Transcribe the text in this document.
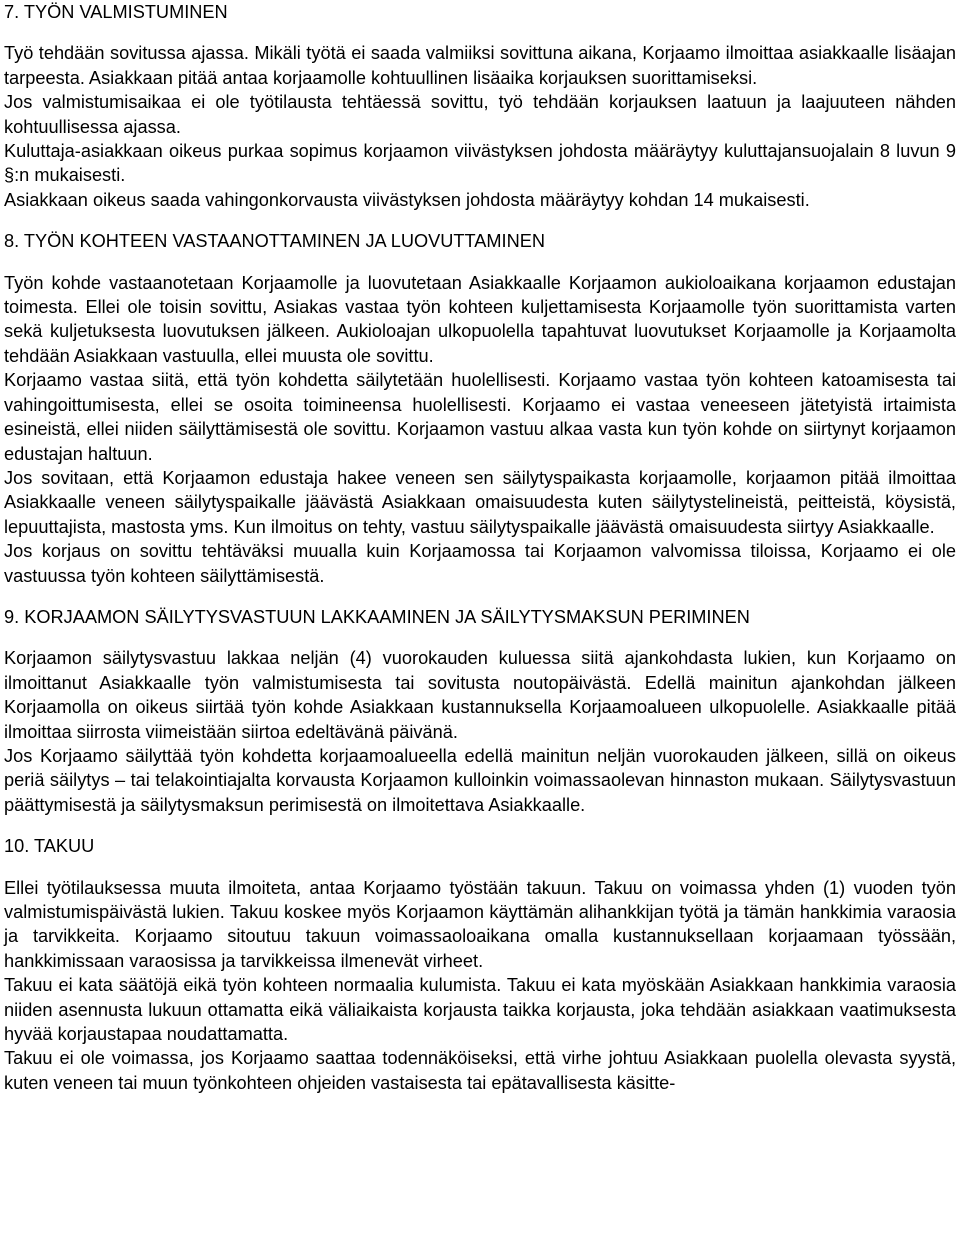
7. TYÖN VALMISTUMINEN

Työ tehdään sovitussa ajassa. Mikäli työtä ei saada valmiiksi sovittuna aikana, Korjaamo ilmoittaa asiakkaalle lisäajan tarpeesta. Asiakkaan pitää antaa korjaamolle kohtuullinen lisäaika korjauksen suorittamiseksi.

Jos valmistumisaikaa ei ole työtilausta tehtäessä sovittu, työ tehdään korjauksen laatuun ja laajuuteen nähden kohtuullisessa ajassa.

Kuluttaja-asiakkaan oikeus purkaa sopimus korjaamon viivästyksen johdosta määräytyy kuluttajansuojalain 8 luvun 9 §:n mukaisesti.

Asiakkaan oikeus saada vahingonkorvausta viivästyksen johdosta määräytyy kohdan 14 mukaisesti.

8. TYÖN KOHTEEN VASTAANOTTAMINEN JA LUOVUTTAMINEN

Työn kohde vastaanotetaan Korjaamolle ja luovutetaan Asiakkaalle Korjaamon aukioloaikana korjaamon edustajan toimesta. Ellei ole toisin sovittu, Asiakas vastaa työn kohteen kuljettamisesta Korjaamolle työn suorittamista varten sekä kuljetuksesta luovutuksen jälkeen. Aukioloajan ulkopuolella tapahtuvat luovutukset Korjaamolle ja Korjaamolta tehdään Asiakkaan vastuulla, ellei muusta ole sovittu.

Korjaamo vastaa siitä, että työn kohdetta säilytetään huolellisesti. Korjaamo vastaa työn kohteen katoamisesta tai vahingoittumisesta, ellei se osoita toimineensa huolellisesti. Korjaamo ei vastaa veneeseen jätetyistä irtaimista esineistä, ellei niiden säilyttämisestä ole sovittu. Korjaamon vastuu alkaa vasta kun työn kohde on siirtynyt korjaamon edustajan haltuun.

Jos sovitaan, että Korjaamon edustaja hakee veneen sen säilytyspaikasta korjaamolle, korjaamon pitää ilmoittaa Asiakkaalle veneen säilytyspaikalle jäävästä Asiakkaan omaisuudesta kuten säilytystelineistä, peitteistä, köysistä, lepuuttajista, mastosta yms. Kun ilmoitus on tehty, vastuu säilytyspaikalle jäävästä omaisuudesta siirtyy Asiakkaalle.

Jos korjaus on sovittu tehtäväksi muualla kuin Korjaamossa tai Korjaamon valvomissa tiloissa, Korjaamo ei ole vastuussa työn kohteen säilyttämisestä.

9. KORJAAMON SÄILYTYSVASTUUN LAKKAAMINEN JA SÄILYTYSMAKSUN PERIMINEN

Korjaamon säilytysvastuu lakkaa neljän (4) vuorokauden kuluessa siitä ajankohdasta lukien, kun Korjaamo on ilmoittanut Asiakkaalle työn valmistumisesta tai sovitusta noutopäivästä. Edellä mainitun ajankohdan jälkeen Korjaamolla on oikeus siirtää työn kohde Asiakkaan kustannuksella Korjaamoalueen ulkopuolelle. Asiakkaalle pitää ilmoittaa siirrosta viimeistään siirtoa edeltävänä päivänä.

Jos Korjaamo säilyttää työn kohdetta korjaamoalueella edellä mainitun neljän vuorokauden jälkeen, sillä on oikeus periä säilytys – tai telakointiajalta korvausta Korjaamon kulloinkin voimassaolevan hinnaston mukaan. Säilytysvastuun päättymisestä ja säilytysmaksun perimisestä on ilmoitettava Asiakkaalle.

10. TAKUU

Ellei työtilauksessa muuta ilmoiteta, antaa Korjaamo työstään takuun. Takuu on voimassa yhden (1) vuoden työn valmistumispäivästä lukien. Takuu koskee myös Korjaamon käyttämän alihankkijan työtä ja tämän hankkimia varaosia ja tarvikkeita. Korjaamo sitoutuu takuun voimassaoloaikana omalla kustannuksellaan korjaamaan työssään, hankkimissaan varaosissa ja tarvikkeissa ilmenevät virheet.

Takuu ei kata säätöjä eikä työn kohteen normaalia kulumista. Takuu ei kata myöskään Asiakkaan hankkimia varaosia niiden asennusta lukuun ottamatta eikä väliaikaista korjausta taikka korjausta, joka tehdään asiakkaan vaatimuksesta hyvää korjaustapaa noudattamatta.

Takuu ei ole voimassa, jos Korjaamo saattaa todennäköiseksi, että virhe johtuu Asiakkaan puolella olevasta syystä, kuten veneen tai muun työnkohteen ohjeiden vastaisesta tai epätavallisesta käsitte-
